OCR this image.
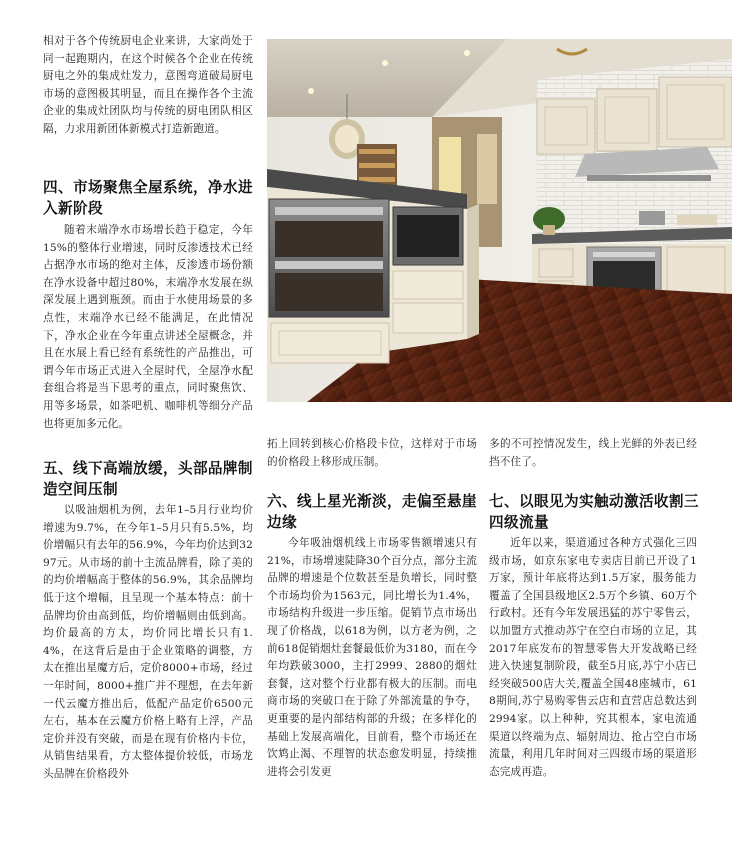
相对于各个传统厨电企业来讲，大家尚处于同一起跑期内，在这个时候各个企业在传统厨电之外的集成灶发力，意图弯道破局厨电市场的意图极其明显，而且在操作各个主流企业的集成灶团队均与传统的厨电团队相区隔，力求用新团体新模式打造新跑道。

四、市场聚焦全屋系统，净水进入新阶段

随着末端净水市场增长趋于稳定，今年15%的整体行业增速，同时反渗透技术已经占据净水市场的绝对主体，反渗透市场份额在净水设备中超过80%，末端净水发展在纵深发展上遇到瓶颈。而由于水使用场景的多点性，末端净水已经不能满足，在此情况下，净水企业在今年重点讲述全屋概念，并且在水展上看已经有系统性的产品推出，可谓今年市场正式进入全屋时代，全屋净水配套组合将是当下思考的重点，同时聚焦饮、用等多场景，如茶吧机、咖啡机等细分产品也将更加多元化。

五、线下高端放缓，头部品牌制造空间压制

以吸油烟机为例，去年1–5月行业均价增速为9.7%，在今年1–5月只有5.5%，均价增幅只有去年的56.9%，今年均价达到3297元。从市场的前十主流品牌看，除了美的的均价增幅高于整体的56.9%，其余品牌均低于这个增幅，且呈现一个基本特点：前十品牌均价由高到低，均价增幅则由低到高。均价最高的方太，均价同比增长只有1.4%，在这背后是由于企业策略的调整，方太在推出星魔方后，定价8000+市场，经过一年时间，8000+推广并不理想，在去年新一代云魔方推出后，低配产品定价6500元左右，基本在云魔方价格上略有上浮，产品定价并没有突破，而是在现有价格内卡位，从销售结果看，方太整体提价较低，市场龙头品牌在价格段外

拓上回转到核心价格段卡位，这样对于市场的价格段上移形成压制。

六、线上星光渐淡，走偏至悬崖边缘

今年吸油烟机线上市场零售额增速只有21%，市场增速陡降30个百分点，部分主流品牌的增速是个位数甚至是负增长，同时整个市场均价为1563元，同比增长为1.4%，市场结构升级进一步压缩。促销节点市场出现了价格战，以618为例，以方老为例，之前618促销烟灶套餐最低价为3180，而在今年均跌破3000，主打2999、2880的烟灶套餐，这对整个行业都有极大的压制。而电商市场的突破口在于除了外部流量的争夺，更重要的是内部结构部的升级；在多样化的基础上发展高端化，目前看，整个市场还在饮鸩止渴、不理智的状态愈发明显，持续推进将会引发更

多的不可控情况发生，线上光鲜的外表已经挡不住了。

七、以眼见为实触动激活收割三四级流量

近年以来，渠道通过各种方式强化三四级市场，如京东家电专卖店目前已开设了1万家，预计年底将达到1.5万家，服务能力覆盖了全国县级地区2.5万个乡镇、60万个行政村。还有今年发展迅猛的苏宁零售云，以加盟方式推动苏宁在空白市场的立足，其2017年底发布的智慧零售大开发战略已经进入快速复制阶段，截至5月底,苏宁小店已经突破500店大关,覆盖全国48座城市，618期间,苏宁易购零售云店和直营店总数达到2994家。以上种种，究其根本，家电流通渠道以终端为点、辐射周边、抢占空白市场流量，利用几年时间对三四级市场的渠道形态完成再造。
